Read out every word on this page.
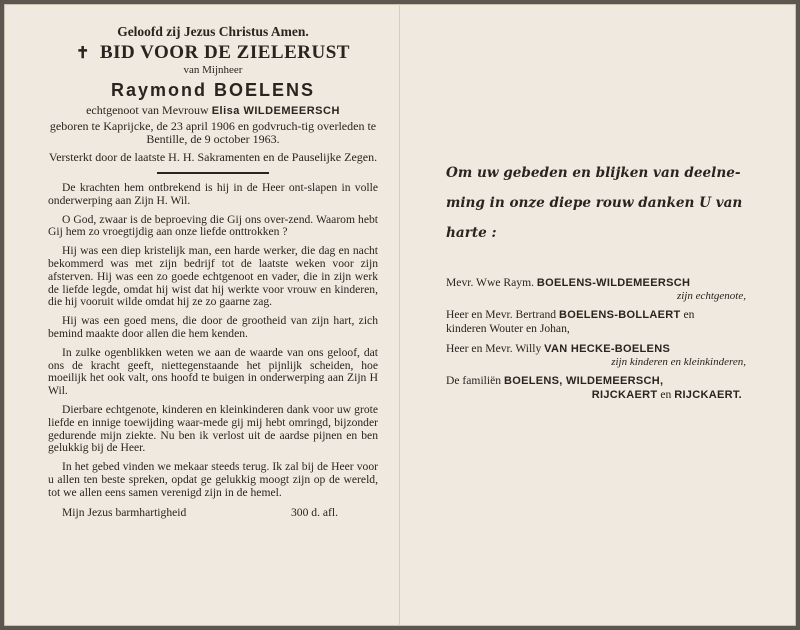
Geloofd zij Jezus Christus Amen.
✝ BID VOOR DE ZIELERUST
van Mijnheer
Raymond BOELENS
echtgenoot van Mevrouw Elisa WILDEMEERSCH
geboren te Kaprijcke, de 23 april 1906 en godvruch-tig overleden te Bentille, de 9 october 1963.
Versterkt door de laatste H. H. Sakramenten en de Pauselijke Zegen.
De krachten hem ontbrekend is hij in de Heer ont-slapen in volle onderwerping aan Zijn H. Wil.
O God, zwaar is de beproeving die Gij ons over-zend. Waarom hebt Gij hem zo vroegtijdig aan onze liefde onttrokken ?
Hij was een diep kristelijk man, een harde werker, die dag en nacht bekommerd was met zijn bedrijf tot de laatste weken voor zijn afsterven. Hij was een zo goede echtgenoot en vader, die in zijn werk de liefde legde, omdat hij wist dat hij werkte voor vrouw en kinderen, die hij vooruit wilde omdat hij ze zo gaarne zag.
Hij was een goed mens, die door de grootheid van zijn hart, zich bemind maakte door allen die hem kenden.
In zulke ogenblikken weten we aan de waarde van ons geloof, dat ons de kracht geeft, niettegenstaande het pijnlijk scheiden, hoe moeilijk het ook valt, ons hoofd te buigen in onderwerping aan Zijn H Wil.
Dierbare echtgenote, kinderen en kleinkinderen dank voor uw grote liefde en innige toewijding waar-mede gij mij hebt omringd, bijzonder gedurende mijn ziekte. Nu ben ik verlost uit de aardse pijnen en ben gelukkig bij de Heer.
In het gebed vinden we mekaar steeds terug. Ik zal bij de Heer voor u allen ten beste spreken, opdat ge gelukkig moogt zijn op de wereld, tot we allen eens samen verenigd zijn in de hemel.
Mijn Jezus barmhartigheid	300 d. afl.
Om uw gebeden en blijken van deelne-ming in onze diepe rouw danken U van harte :
Mevr. Wwe Raym. BOELENS-WILDEMEERSCH
zijn echtgenote,
Heer en Mevr. Bertrand BOELENS-BOLLAERT en
kinderen Wouter en Johan,
Heer en Mevr. Willy VAN HECKE-BOELENS
zijn kinderen en kleinkinderen,
De familiën BOELENS, WILDEMEERSCH,
RIJCKAERT en RIJCKAERT.
